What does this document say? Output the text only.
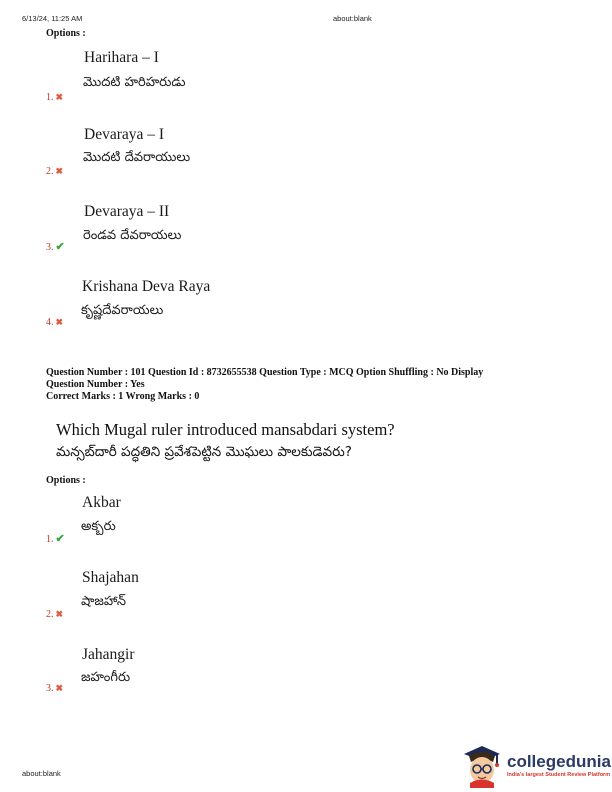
6/13/24, 11:25 AM	about:blank
Options :
Harihara – I
మొదటి హరిహరుడు
1. ✖
Devaraya – I
మొదటి దేవరాయులు
2. ✖
Devaraya – II
రెండవ దేవరాయలు
3. ✔
Krishana Deva Raya
కృష్ణదేవరాయలు
4. ✖
Question Number : 101 Question Id : 8732655538 Question Type : MCQ Option Shuffling : No Display
Question Number : Yes
Correct Marks : 1 Wrong Marks : 0
Which Mugal ruler introduced mansabdari system?
మన్సబ్‌దారీ పద్ధతిని ప్రవేశపెట్టిన మొఘలు పాలకుడెవరు?
Options :
Akbar
అక్బరు
1. ✔
Shajahan
షాజహాన్
2. ✖
Jahangir
జహంగీరు
3. ✖
about:blank
collegedunia
India's largest Student Review Platform
